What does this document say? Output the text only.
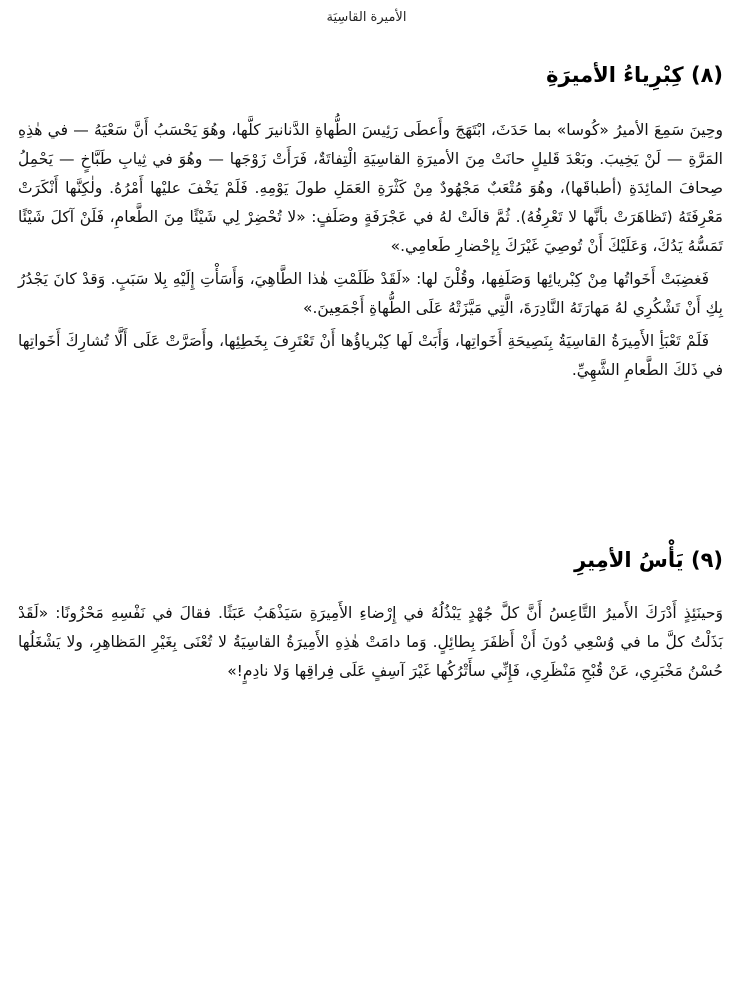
الأميرة القاسِيَة
(٨) كِبْرِياءُ الأميرَةِ

وحِينَ سَمِعَ الأميرُ «كُوسا» بما حَدَثَ، ابْتَهَجَ وأَعطَى رَئِيسَ الطُّهاةِ الدَّنانيرَ كلَّها، وهُوَ يَحْسَبُ أَنَّ سَعْيَهُ — في هٰذِهِ المَرَّةِ — لَنْ يَخِيبَ. وبَعْدَ قَليلٍ حانَتْ مِنَ الأميرَةِ القاسِيَةِ الْتِفاتَةٌ، فَرَأَتْ زَوْجَها — وهُوَ في ثِيابِ طَبَّاخٍ — يَحْمِلُ صِحافَ المائِدَةِ (أطباقَها)، وهُوَ مُتْعَبٌ مَجْهُودٌ مِنْ كَثْرَةِ العَمَلِ طولَ يَوْمِهِ. فَلَمْ يَخْفَ عليْها أَمْرُهُ. ولٰكِنَّها أَنْكَرَتْ مَعْرِفَتَهُ (تَظاهَرَتْ بأنَّها لا تَعْرِفُهُ). ثُمَّ قالَتْ لهُ في عَجْرَفَةٍ وصَلَفٍ: «لا تُحْضِرْ لِي شَيْئًا مِنَ الطَّعامِ، فَلَنْ آكلَ شَيْئًا تَمَسُّهُ يَدُكَ، وَعَلَيْكَ أَنْ تُوصِيَ غَيْرَكَ بِإحْضارِ طَعامِي.»

فَغضِبَتْ أَخَواتُها مِنْ كِبْريائِها وَصَلَفِها، وقُلْنَ لها: «لَقَدْ ظَلَمْتِ هٰذا الطَّاهِيَ، وَأَسَأْتِ إِلَيْهِ بِلا سَبَبٍ. وَقدْ كانَ يَجْدُرُ بِكِ أَنْ تَشْكُرِي لهُ مَهارَتَهُ النَّادِرَةَ، الَّتِي مَيَّزَتْهُ عَلَى الطُّهاةِ أَجْمَعِينَ.»

فَلَمْ تَعْبَأِ الأَمِيرَةُ القاسِيَةُ بِنَصِيحَةِ أَخَواتِها، وَأَبَتْ لَها كِبْرياؤُها أَنْ تَعْتَرِفَ بِخَطِئِها، وأَصَرَّتْ عَلَى أَلَّا تُشارِكَ أَخَواتِها في ذَلكَ الطَّعامِ الشَّهِيِّ.

(٩) يَأْسُ الأمِيرِ

وَحينَئِذٍ أَدْرَكَ الأَميرُ التَّاعِسُ أَنَّ كلَّ جُهْدٍ يَبْذُلُهُ في إِرْضاءِ الأَمِيرَةِ سَيَذْهَبُ عَبَثًا. فقالَ في نَفْسِهِ مَحْزُونًا: «لَقَدْ بَذَلْتُ كلَّ ما في وُسْعِي دُونَ أَنْ أَظفَرَ بِطائِلٍ. وَما دامَتْ هٰذِهِ الأَمِيرَةُ القاسِيَةُ لا تُعْنَى بِغَيْرِ المَظاهِرِ، ولا يَشْغَلُها حُسْنُ مَخْبَرِي، عَنْ قُبْحِ مَنْظَرِي، فَإِنِّي سأَتْرُكُها غَيْرَ آسِفٍ عَلَى فِراقِها وَلا نادِمٍ!»
